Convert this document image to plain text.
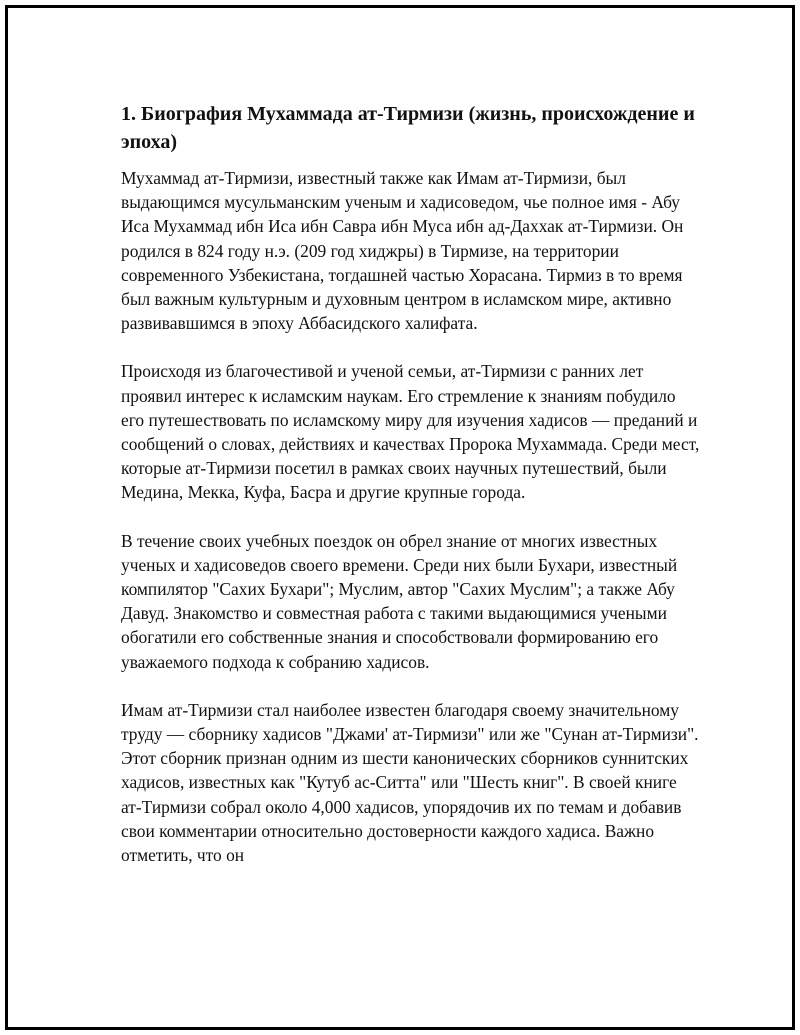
1. Биография Мухаммада ат-Тирмизи (жизнь, происхождение и эпоха)

Мухаммад ат-Тирмизи, известный также как Имам ат-Тирмизи, был выдающимся мусульманским ученым и хадисоведом, чье полное имя - Абу Иса Мухаммад ибн Иса ибн Савра ибн Муса ибн ад-Даххак ат-Тирмизи. Он родился в 824 году н.э. (209 год хиджры) в Тирмизе, на территории современного Узбекистана, тогдашней частью Хорасана. Тирмиз в то время был важным культурным и духовным центром в исламском мире, активно развивавшимся в эпоху Аббасидского халифата.

Происходя из благочестивой и ученой семьи, ат-Тирмизи с ранних лет проявил интерес к исламским наукам. Его стремление к знаниям побудило его путешествовать по исламскому миру для изучения хадисов — преданий и сообщений о словах, действиях и качествах Пророка Мухаммада. Среди мест, которые ат-Тирмизи посетил в рамках своих научных путешествий, были Медина, Мекка, Куфа, Басра и другие крупные города.

В течение своих учебных поездок он обрел знание от многих известных ученых и хадисоведов своего времени. Среди них были Бухари, известный компилятор "Сахих Бухари"; Муслим, автор "Сахих Муслим"; а также Абу Давуд. Знакомство и совместная работа с такими выдающимися учеными обогатили его собственные знания и способствовали формированию его уважаемого подхода к собранию хадисов.

Имам ат-Тирмизи стал наиболее известен благодаря своему значительному труду — сборнику хадисов "Джами' ат-Тирмизи" или же "Сунан ат-Тирмизи". Этот сборник признан одним из шести канонических сборников суннитских хадисов, известных как "Кутуб ас-Ситта" или "Шесть книг". В своей книге ат-Тирмизи собрал около 4,000 хадисов, упорядочив их по темам и добавив свои комментарии относительно достоверности каждого хадиса. Важно отметить, что он
